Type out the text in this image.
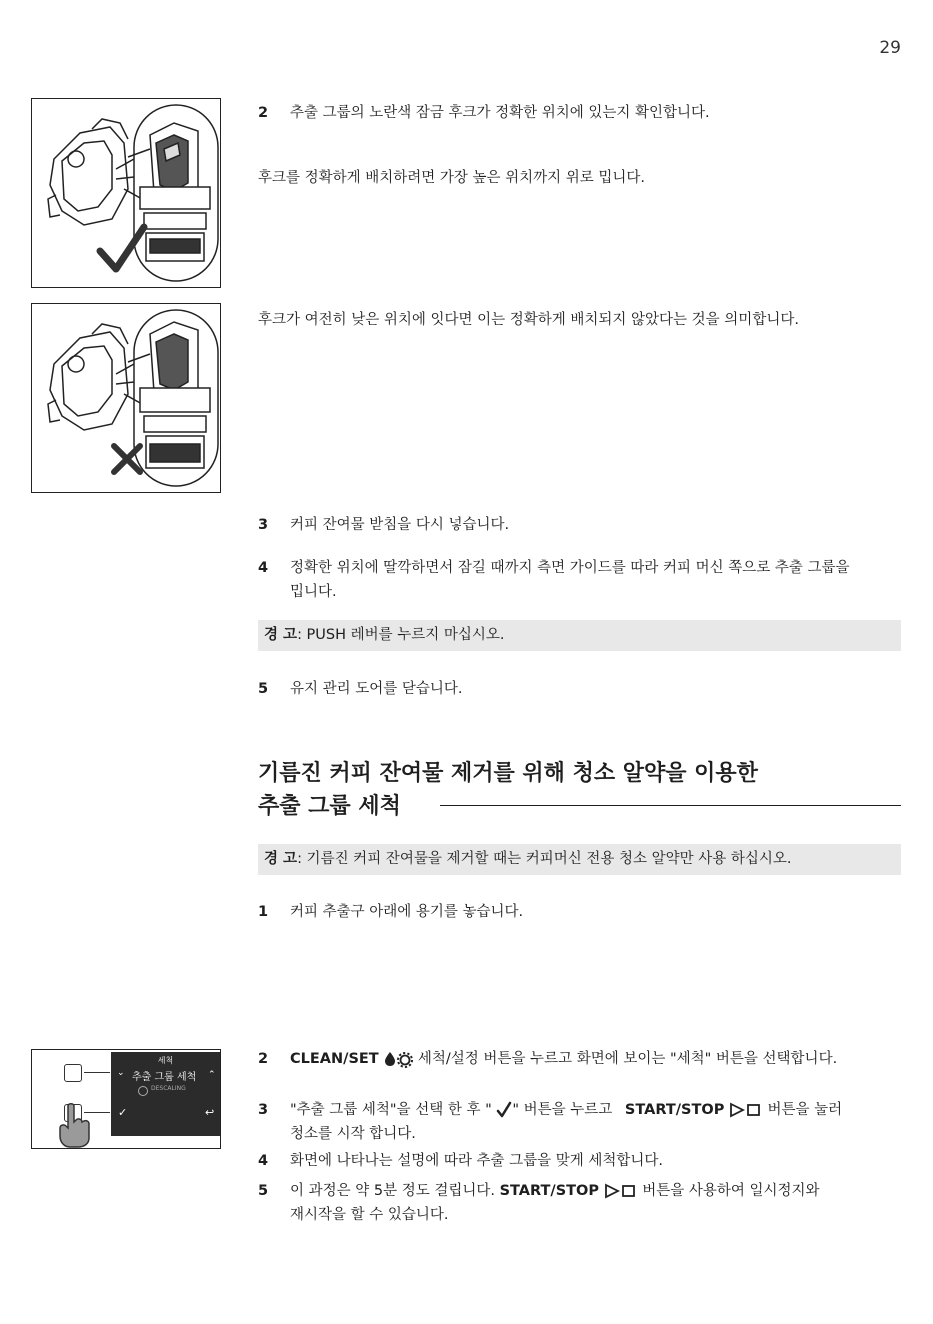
29
세척
⌄ 추출 그룹 세척 ⌃
DESCALING
✓	↩
2 추출 그룹의 노란색 잠금 후크가 정확한 위치에 있는지 확인합니다.
후크를 정확하게 배치하려면 가장 높은 위치까지 위로 밉니다.
후크가 여전히 낮은 위치에 잇다면 이는 정확하게 배치되지 않았다는 것을 의미합니다.
3 커피 잔여물 받침을 다시 넣습니다.
4 정확한 위치에 딸깍하면서 잠길 때까지 측면 가이드를 따라 커피 머신 쪽으로 추출 그룹을
밉니다.
경 고: PUSH 레버를 누르지 마십시오.
5 유지 관리 도어를 닫습니다.
기름진 커피 잔여물 제거를 위해 청소 알약을 이용한
추출 그룹 세척
경 고: 기름진 커피 잔여물을 제거할 때는 커피머신 전용 청소 알약만 사용 하십시오.
1 커피 추출구 아래에 용기를 놓습니다.
2 CLEAN/SET	세척/설정 버튼을 누르고 화면에 보이는 "세척" 버튼을 선택합니다.
3 "추출 그룹 세척"을 선택 한 후 " " 버튼을 누르고 START/STOP	버튼을 눌러
청소를 시작 합니다.
4 화면에 나타나는 설명에 따라 추출 그룹을 맞게 세척합니다.
5 이 과정은 약 5분 정도 걸립니다. START/STOP	버튼을 사용하여 일시정지와
재시작을 할 수 있습니다.
